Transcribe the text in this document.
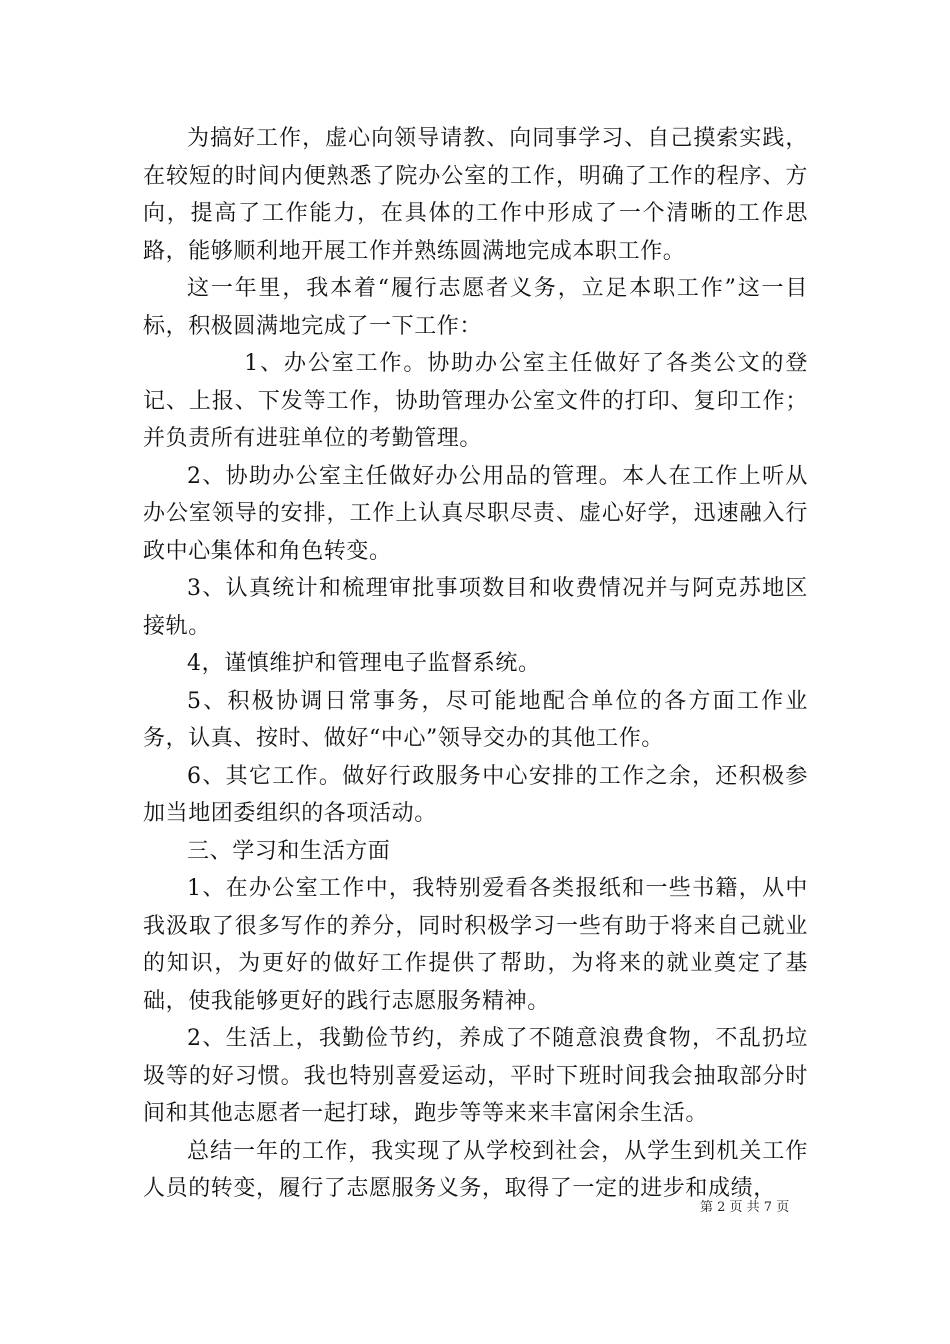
为搞好工作，虚心向领导请教、向同事学习、自己摸索实践，在较短的时间内便熟悉了院办公室的工作，明确了工作的程序、方向，提高了工作能力，在具体的工作中形成了一个清晰的工作思路，能够顺利地开展工作并熟练圆满地完成本职工作。

这一年里，我本着“履行志愿者义务，立足本职工作”这一目标，积极圆满地完成了一下工作：

1、办公室工作。协助办公室主任做好了各类公文的登记、上报、下发等工作，协助管理办公室文件的打印、复印工作；并负责所有进驻单位的考勤管理。

2、协助办公室主任做好办公用品的管理。本人在工作上听从办公室领导的安排，工作上认真尽职尽责、虚心好学，迅速融入行政中心集体和角色转变。

3、认真统计和梳理审批事项数目和收费情况并与阿克苏地区接轨。

4，谨慎维护和管理电子监督系统。

5、积极协调日常事务，尽可能地配合单位的各方面工作业务，认真、按时、做好“中心”领导交办的其他工作。

6、其它工作。做好行政服务中心安排的工作之余，还积极参加当地团委组织的各项活动。

三、学习和生活方面

1、在办公室工作中，我特别爱看各类报纸和一些书籍，从中我汲取了很多写作的养分，同时积极学习一些有助于将来自己就业的知识，为更好的做好工作提供了帮助，为将来的就业奠定了基础，使我能够更好的践行志愿服务精神。

2、生活上，我勤俭节约，养成了不随意浪费食物，不乱扔垃圾等的好习惯。我也特别喜爱运动，平时下班时间我会抽取部分时间和其他志愿者一起打球，跑步等等来来丰富闲余生活。

总结一年的工作，我实现了从学校到社会，从学生到机关工作人员的转变，履行了志愿服务义务，取得了一定的进步和成绩，

第 2 页 共 7 页
